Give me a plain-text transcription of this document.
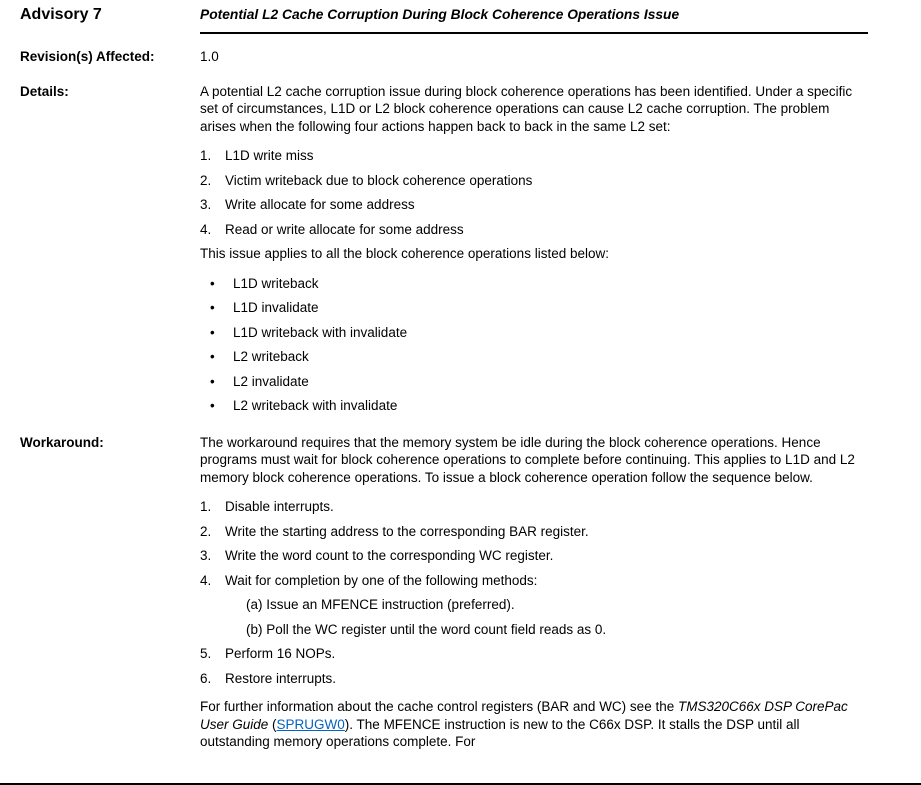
Advisory 7	Potential L2 Cache Corruption During Block Coherence Operations Issue
Revision(s) Affected:	1.0
Details:	A potential L2 cache corruption issue during block coherence operations has been identified. Under a specific set of circumstances, L1D or L2 block coherence operations can cause L2 cache corruption. The problem arises when the following four actions happen back to back in the same L2 set:

1.	L1D write miss
2.	Victim writeback due to block coherence operations
3.	Write allocate for some address
4.	Read or write allocate for some address

This issue applies to all the block coherence operations listed below:

•	L1D writeback
•	L1D invalidate
•	L1D writeback with invalidate
•	L2 writeback
•	L2 invalidate
•	L2 writeback with invalidate
Workaround:	The workaround requires that the memory system be idle during the block coherence operations. Hence programs must wait for block coherence operations to complete before continuing. This applies to L1D and L2 memory block coherence operations. To issue a block coherence operation follow the sequence below.

1.	Disable interrupts.
2.	Write the starting address to the corresponding BAR register.
3.	Write the word count to the corresponding WC register.
4.	Wait for completion by one of the following methods:
(a) Issue an MFENCE instruction (preferred).
(b) Poll the WC register until the word count field reads as 0.
5.	Perform 16 NOPs.
6.	Restore interrupts.

For further information about the cache control registers (BAR and WC) see the TMS320C66x DSP CorePac User Guide (SPRUGW0). The MFENCE instruction is new to the C66x DSP. It stalls the DSP until all outstanding memory operations complete. For
